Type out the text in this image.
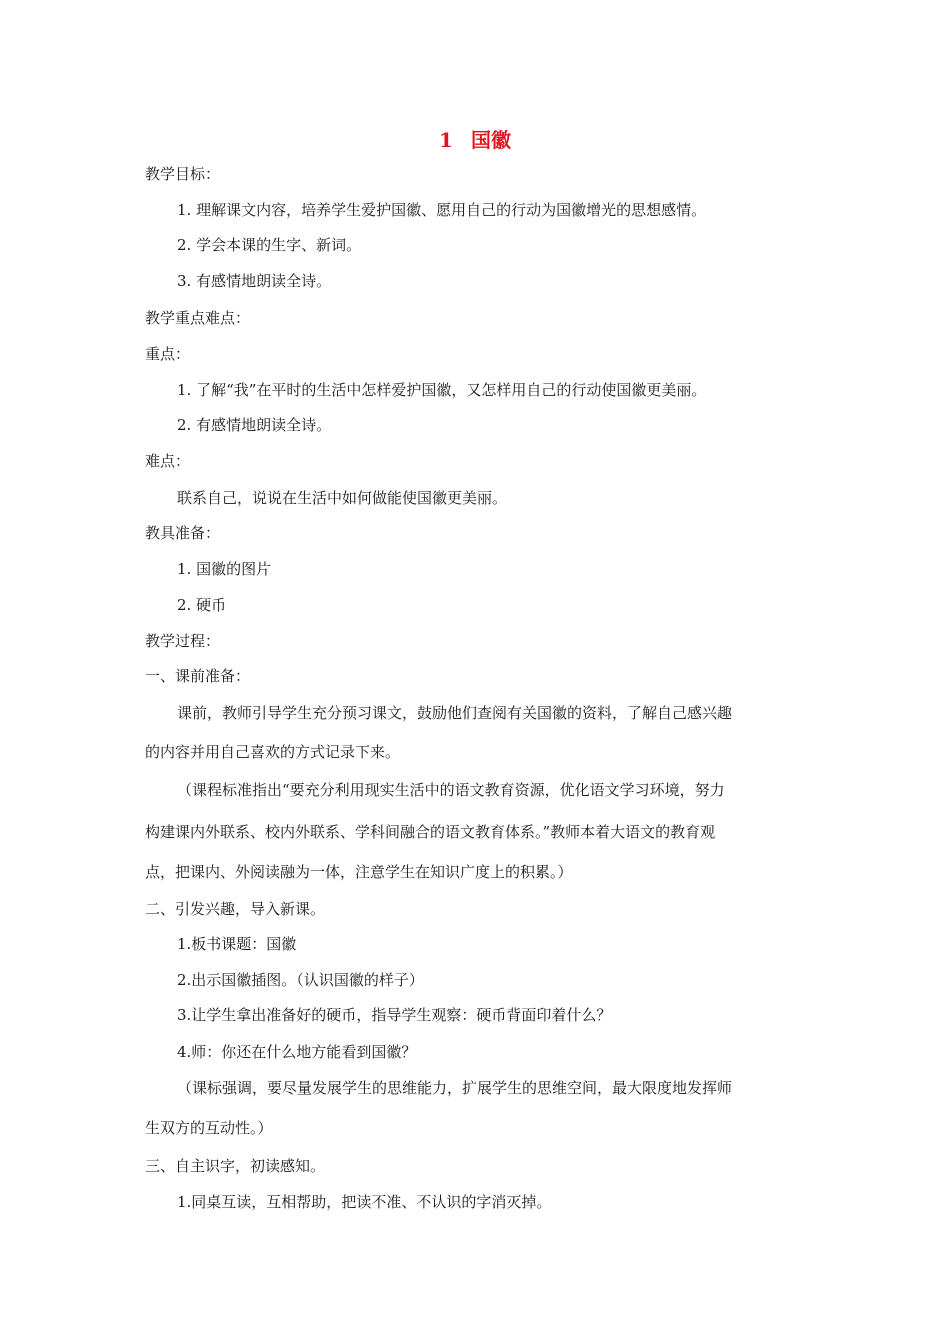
1 国徽
教学目标：
1. 理解课文内容，培养学生爱护国徽、愿用自己的行动为国徽增光的思想感情。
2. 学会本课的生字、新词。
3. 有感情地朗读全诗。
教学重点难点：
重点：
1. 了解“我”在平时的生活中怎样爱护国徽，又怎样用自己的行动使国徽更美丽。
2. 有感情地朗读全诗。
难点：
联系自己，说说在生活中如何做能使国徽更美丽。
教具准备：
1. 国徽的图片
2. 硬币
教学过程：
一、课前准备：
课前，教师引导学生充分预习课文，鼓励他们查阅有关国徽的资料，了解自己感兴趣
的内容并用自己喜欢的方式记录下来。
（课程标准指出“要充分利用现实生活中的语文教育资源，优化语文学习环境，努力
构建课内外联系、校内外联系、学科间融合的语文教育体系。”教师本着大语文的教育观
点，把课内、外阅读融为一体，注意学生在知识广度上的积累。）
二、引发兴趣，导入新课。
1.板书课题：国徽
2.出示国徽插图。（认识国徽的样子）
3.让学生拿出准备好的硬币，指导学生观察：硬币背面印着什么？
4.师：你还在什么地方能看到国徽？
（课标强调，要尽量发展学生的思维能力，扩展学生的思维空间，最大限度地发挥师
生双方的互动性。）
三、自主识字，初读感知。
1.同桌互读，互相帮助，把读不准、不认识的字消灭掉。
